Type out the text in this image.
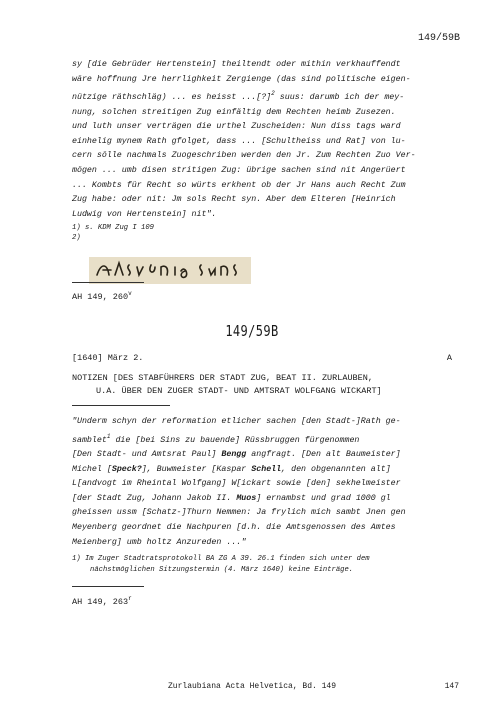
149/59B
sy [die Gebrüder Hertenstein] theiltendt oder mithin verkhauffendt
wäre hoffnung Jre herrlighkeit Zergienge (das sind politische eigen-
nützige räthschläg) ... es heisst ...[?]$^2$ suus: darumb ich der mey-
nung, solchen streitigen Zug einfältig dem Rechten heimb Zusezen.
und luth unser verträgen die urthel Zuscheiden: Nun diss tags ward
einhelig mynem Rath gfolget, dass ... [Schultheiss und Rat] von lu-
cern sölle nachmals Zuogeschriben werden den Jr. Zum Rechten Zuo Ver-
mögen ... umb disen stritigen Zug: übrige sachen sind nit Angerüert
... Kombts für Recht so würts erkhent ob der Jr Hans auch Recht Zum
Zug habe: oder nit: Jm sols Recht syn. Aber dem Elteren [Heinrich
Ludwig von Hertenstein] nit".
1) s. KDM Zug I 109
2)
AH 149, 260$^v$
149/59B
[1640] März 2.	A
NOTIZEN [DES STABFÜHRERS DER STADT ZUG, BEAT II. ZURLAUBEN,
U.A. ÜBER DEN ZUGER STADT- UND AMTSRAT WOLFGANG WICKART]
"Underm schyn der reformation etlicher sachen [den Stadt-]Rath ge-
samblet$^1$ die [bei Sins zu bauende] Rüssbruggen fürgenommen
[Den Stadt- und Amtsrat Paul] Bengg angfragt. [Den alt Baumeister]
Michel [Speck?], Buwmeister [Kaspar Schell, den obgenannten alt]
L[andvogt im Rheintal Wolfgang] W[ickart sowie [den] sekhelmeister
[der Stadt Zug, Johann Jakob II. Muos] ernambst und grad 1000 gl
gheissen ussm [Schatz-]Thurn Nemmen: Ja frylich mich sambt Jnen gen
Meyenberg geordnet die Nachpuren [d.h. die Amtsgenossen des Amtes
Meienberg] umb holtz Anzureden ..."
1) Im Zuger Stadtratsprotokoll BA ZG A 39. 26.1 finden sich unter dem
nächstmöglichen Sitzungstermin (4. März 1640) keine Einträge.
AH 149, 263$^r$
Zurlaubiana Acta Helvetica, Bd. 149	147
